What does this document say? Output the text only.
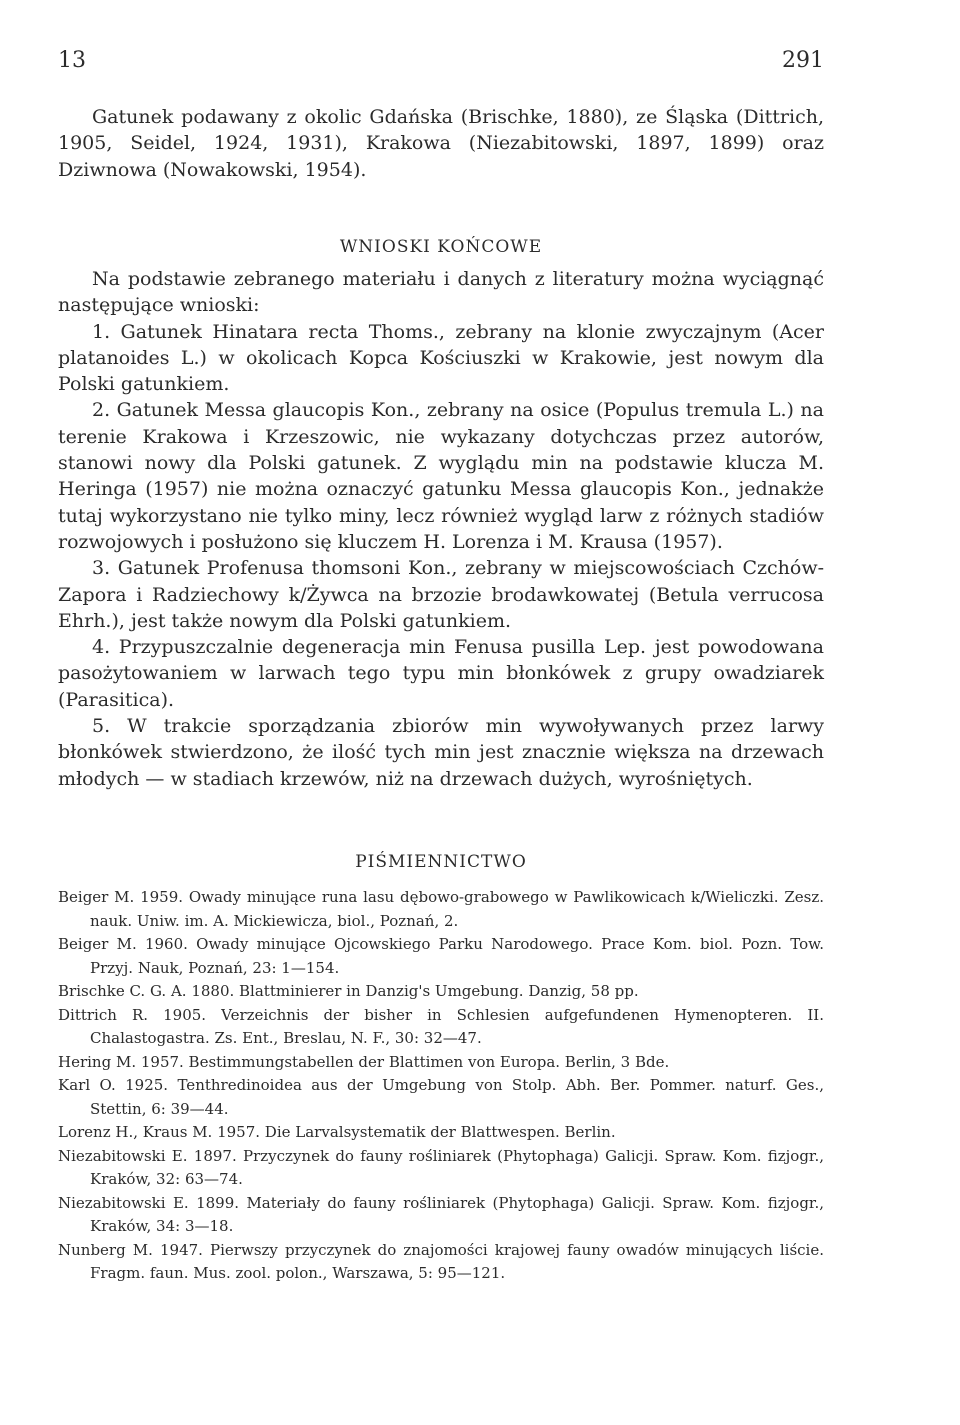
13	291

Gatunek podawany z okolic Gdańska (Brischke, 1880), ze Śląska (Dittrich, 1905, Seidel, 1924, 1931), Krakowa (Niezabitowski, 1897, 1899) oraz Dziwnowa (Nowakowski, 1954).

WNIOSKI KOŃCOWE

Na podstawie zebranego materiału i danych z literatury można wyciągnąć następujące wnioski:

1. Gatunek Hinatara recta Thoms., zebrany na klonie zwyczajnym (Acer platanoides L.) w okolicach Kopca Kościuszki w Krakowie, jest nowym dla Polski gatunkiem.

2. Gatunek Messa glaucopis Kon., zebrany na osice (Populus tremula L.) na terenie Krakowa i Krzeszowic, nie wykazany dotychczas przez autorów, stanowi nowy dla Polski gatunek. Z wyglądu min na podstawie klucza M. Heringa (1957) nie można oznaczyć gatunku Messa glaucopis Kon., jednakże tutaj wykorzystano nie tylko miny, lecz również wygląd larw z różnych stadiów rozwojowych i posłużono się kluczem H. Lorenza i M. Krausa (1957).

3. Gatunek Profenusa thomsoni Kon., zebrany w miejscowościach Czchów-Zapora i Radziechowy k/Żywca na brzozie brodawkowatej (Betula verrucosa Ehrh.), jest także nowym dla Polski gatunkiem.

4. Przypuszczalnie degeneracja min Fenusa pusilla Lep. jest powodowana pasożytowaniem w larwach tego typu min błonkówek z grupy owadziarek (Parasitica).

5. W trakcie sporządzania zbiorów min wywoływanych przez larwy błonkówek stwierdzono, że ilość tych min jest znacznie większa na drzewach młodych — w stadiach krzewów, niż na drzewach dużych, wyrośniętych.

PIŚMIENNICTWO

Beiger M. 1959. Owady minujące runa lasu dębowo-grabowego w Pawlikowicach k/Wieliczki. Zesz. nauk. Uniw. im. A. Mickiewicza, biol., Poznań, 2.

Beiger M. 1960. Owady minujące Ojcowskiego Parku Narodowego. Prace Kom. biol. Pozn. Tow. Przyj. Nauk, Poznań, 23: 1—154.

Brischke C. G. A. 1880. Blattminierer in Danzig's Umgebung. Danzig, 58 pp.

Dittrich R. 1905. Verzeichnis der bisher in Schlesien aufgefundenen Hymenopteren. II. Chalastogastra. Zs. Ent., Breslau, N. F., 30: 32—47.

Hering M. 1957. Bestimmungstabellen der Blattimen von Europa. Berlin, 3 Bde.

Karl O. 1925. Tenthredinoidea aus der Umgebung von Stolp. Abh. Ber. Pommer. naturf. Ges., Stettin, 6: 39—44.

Lorenz H., Kraus M. 1957. Die Larvalsystematik der Blattwespen. Berlin.

Niezabitowski E. 1897. Przyczynek do fauny rośliniarek (Phytophaga) Galicji. Spraw. Kom. fizjogr., Kraków, 32: 63—74.

Niezabitowski E. 1899. Materiały do fauny rośliniarek (Phytophaga) Galicji. Spraw. Kom. fizjogr., Kraków, 34: 3—18.

Nunberg M. 1947. Pierwszy przyczynek do znajomości krajowej fauny owadów minujących liście. Fragm. faun. Mus. zool. polon., Warszawa, 5: 95—121.
